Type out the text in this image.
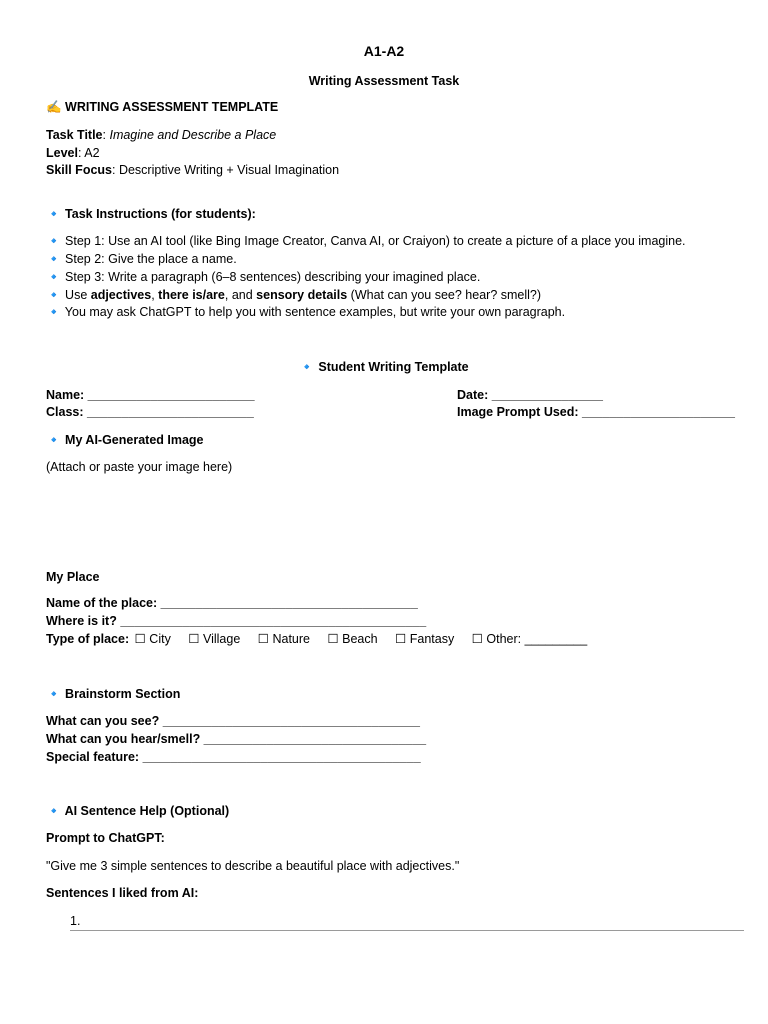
A1-A2
Writing Assessment Task
✍️ WRITING ASSESSMENT TEMPLATE
Task Title: Imagine and Describe a Place
Level: A2
Skill Focus: Descriptive Writing + Visual Imagination
🔹 Task Instructions (for students):
🔹 Step 1: Use an AI tool (like Bing Image Creator, Canva AI, or Craiyon) to create a picture of a place you imagine.
🔹 Step 2: Give the place a name.
🔹 Step 3: Write a paragraph (6–8 sentences) describing your imagined place.
🔹 Use adjectives, there is/are, and sensory details (What can you see? hear? smell?)
🔹 You may ask ChatGPT to help you with sentence examples, but write your own paragraph.
🔹 Student Writing Template
Name: ________________________	Date: ________________
Class: ________________________	Image Prompt Used: ______________________
🔹 My AI-Generated Image
(Attach or paste your image here)
My Place
Name of the place: _____________________________________
Where is it? ____________________________________________
Type of place: ☐ City ☐ Village ☐ Nature ☐ Beach ☐ Fantasy ☐ Other: _________
🔹 Brainstorm Section
What can you see? _____________________________________
What can you hear/smell? ________________________________
Special feature: ________________________________________
🔹 AI Sentence Help (Optional)
Prompt to ChatGPT:
"Give me 3 simple sentences to describe a beautiful place with adjectives."
Sentences I liked from AI:
1.
